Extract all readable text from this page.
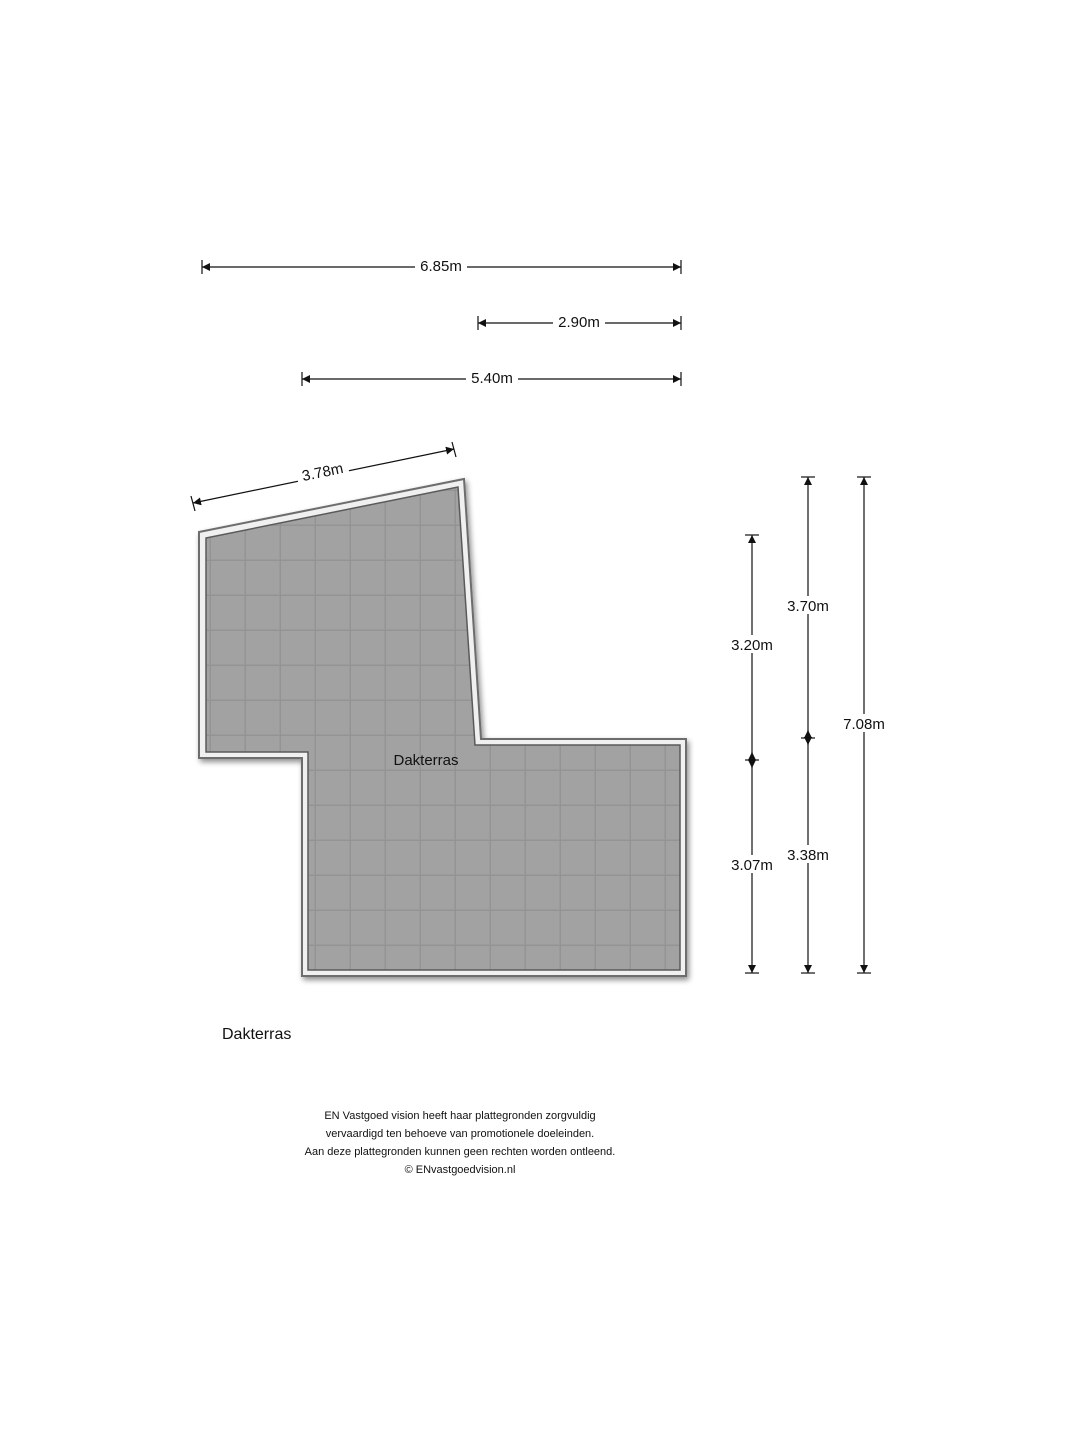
Dakterras
6.85m
2.90m
5.40m
3.78m
3.20m
3.07m
3.70m
3.38m
7.08m
Dakterras
EN Vastgoed vision heeft haar plattegronden zorgvuldig
vervaardigd ten behoeve van promotionele doeleinden.
Aan deze plattegronden kunnen geen rechten worden ontleend.
© ENvastgoedvision.nl
